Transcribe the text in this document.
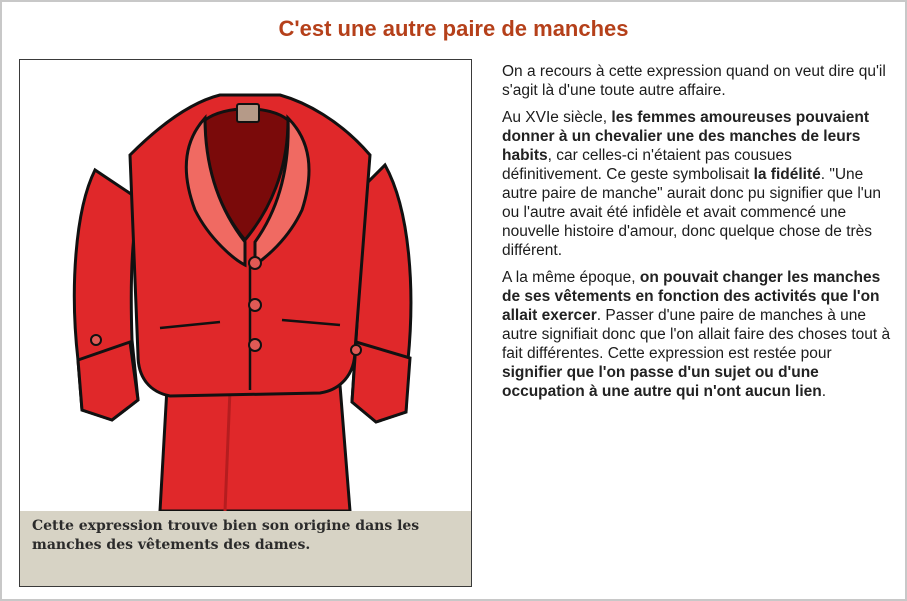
C'est une autre paire de manches
Cette expression trouve bien son origine dans les manches des vêtements des dames.

On a recours à cette expression quand on veut dire qu'il s'agit là d'une toute autre affaire.

Au XVIe siècle, les femmes amoureuses pouvaient donner à un chevalier une des manches de leurs habits, car celles-ci n'étaient pas cousues définitivement. Ce geste symbolisait la fidélité. "Une autre paire de manche" aurait donc pu signifier que l'un ou l'autre avait été infidèle et avait commencé une nouvelle histoire d'amour, donc quelque chose de très différent.

A la même époque, on pouvait changer les manches de ses vêtements en fonction des activités que l'on allait exercer. Passer d'une paire de manches à une autre signifiait donc que l'on allait faire des choses tout à fait différentes. Cette expression est restée pour signifier que l'on passe d'un sujet ou d'une occupation à une autre qui n'ont aucun lien.
